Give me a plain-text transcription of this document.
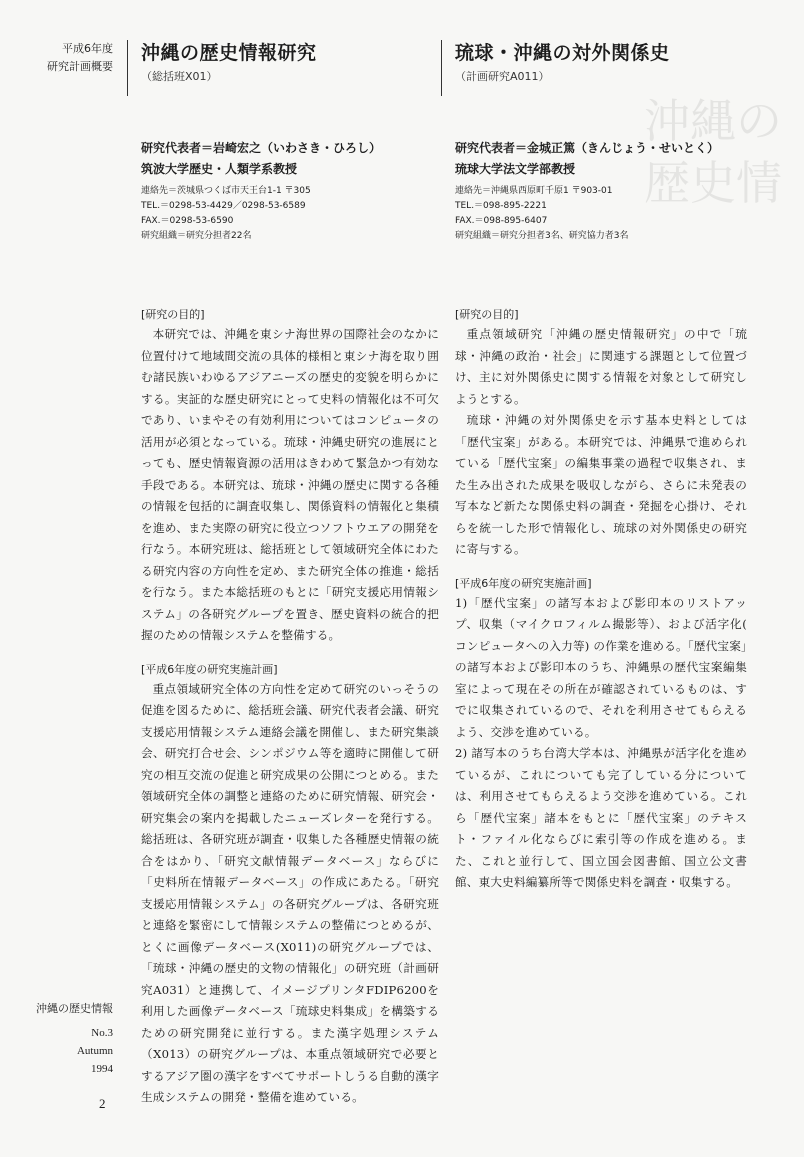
沖縄の
歴史情
平成6年度
研究計画概要
沖縄の歴史情報
No.3
Autumn
1994
2
沖縄の歴史情報研究
（総括班X01）
研究代表者＝岩崎宏之（いわさき・ひろし）
筑波大学歴史・人類学系教授
連絡先＝茨城県つくば市天王台1-1 〒305
TEL.＝0298-53-4429／0298-53-6589
FAX.＝0298-53-6590
研究組織＝研究分担者22名
[研究の目的]

本研究では、沖縄を東シナ海世界の国際社会のなかに位置付けて地域間交流の具体的様相と東シナ海を取り囲む諸民族いわゆるアジアニーズの歴史的変貌を明らかにする。実証的な歴史研究にとって史料の情報化は不可欠であり、いまやその有効利用についてはコンピュータの活用が必須となっている。琉球・沖縄史研究の進展にとっても、歴史情報資源の活用はきわめて緊急かつ有効な手段である。本研究は、琉球・沖縄の歴史に関する各種の情報を包括的に調査収集し、関係資料の情報化と集積を進め、また実際の研究に役立つソフトウエアの開発を行なう。本研究班は、総括班として領域研究全体にわたる研究内容の方向性を定め、また研究全体の推進・総括を行なう。また本総括班のもとに「研究支援応用情報システム」の各研究グループを置き、歴史資料の統合的把握のための情報システムを整備する。

[平成6年度の研究実施計画]

重点領域研究全体の方向性を定めて研究のいっそうの促進を図るために、総括班会議、研究代表者会議、研究支援応用情報システム連絡会議を開催し、また研究集談会、研究打合せ会、シンポジウム等を適時に開催して研究の相互交流の促進と研究成果の公開につとめる。また領域研究全体の調整と連絡のために研究情報、研究会・研究集会の案内を掲載したニューズレターを発行する。総括班は、各研究班が調査・収集した各種歴史情報の統合をはかり、「研究文献情報データベース」ならびに「史料所在情報データベース」の作成にあたる。「研究支援応用情報システム」の各研究グループは、各研究班と連絡を緊密にして情報システムの整備につとめるが、とくに画像データベース(X011)の研究グループでは、「琉球・沖縄の歴史的文物の情報化」の研究班（計画研究A031）と連携して、イメージプリンタFDIP6200を利用した画像データベース「琉球史料集成」を構築するための研究開発に並行する。また漢字処理システム（X013）の研究グループは、本重点領域研究で必要とするアジア圏の漢字をすべてサポートしうる自動的漢字生成システムの開発・整備を進めている。

琉球・沖縄の対外関係史
（計画研究A011）
研究代表者＝金城正篤（きんじょう・せいとく）
琉球大学法文学部教授
連絡先＝沖縄県西原町千原1 〒903-01
TEL.＝098-895-2221
FAX.＝098-895-6407
研究組織＝研究分担者3名、研究協力者3名
[研究の目的]

重点領域研究「沖縄の歴史情報研究」の中で「琉球・沖縄の政治・社会」に関連する課題として位置づけ、主に対外関係史に関する情報を対象として研究しようとする。

琉球・沖縄の対外関係史を示す基本史料としては「歴代宝案」がある。本研究では、沖縄県で進められている「歴代宝案」の編集事業の過程で収集され、また生み出された成果を吸収しながら、さらに未発表の写本など新たな関係史料の調査・発掘を心掛け、それらを統一した形で情報化し、琉球の対外関係史の研究に寄与する。

[平成6年度の研究実施計画]

1)「歴代宝案」の諸写本および影印本のリストアップ、収集（マイクロフィルム撮影等）、および活字化( コンピュータへの入力等) の作業を進める。「歴代宝案」の諸写本および影印本のうち、沖縄県の歴代宝案編集室によって現在その所在が確認されているものは、すでに収集されているので、それを利用させてもらえるよう、交渉を進めている。

2) 諸写本のうち台湾大学本は、沖縄県が活字化を進めているが、これについても完了している分については、利用させてもらえるよう交渉を進めている。これら「歴代宝案」諸本をもとに「歴代宝案」のテキスト・ファイル化ならびに索引等の作成を進める。また、これと並行して、国立国会図書館、国立公文書館、東大史料編纂所等で関係史料を調査・収集する。
